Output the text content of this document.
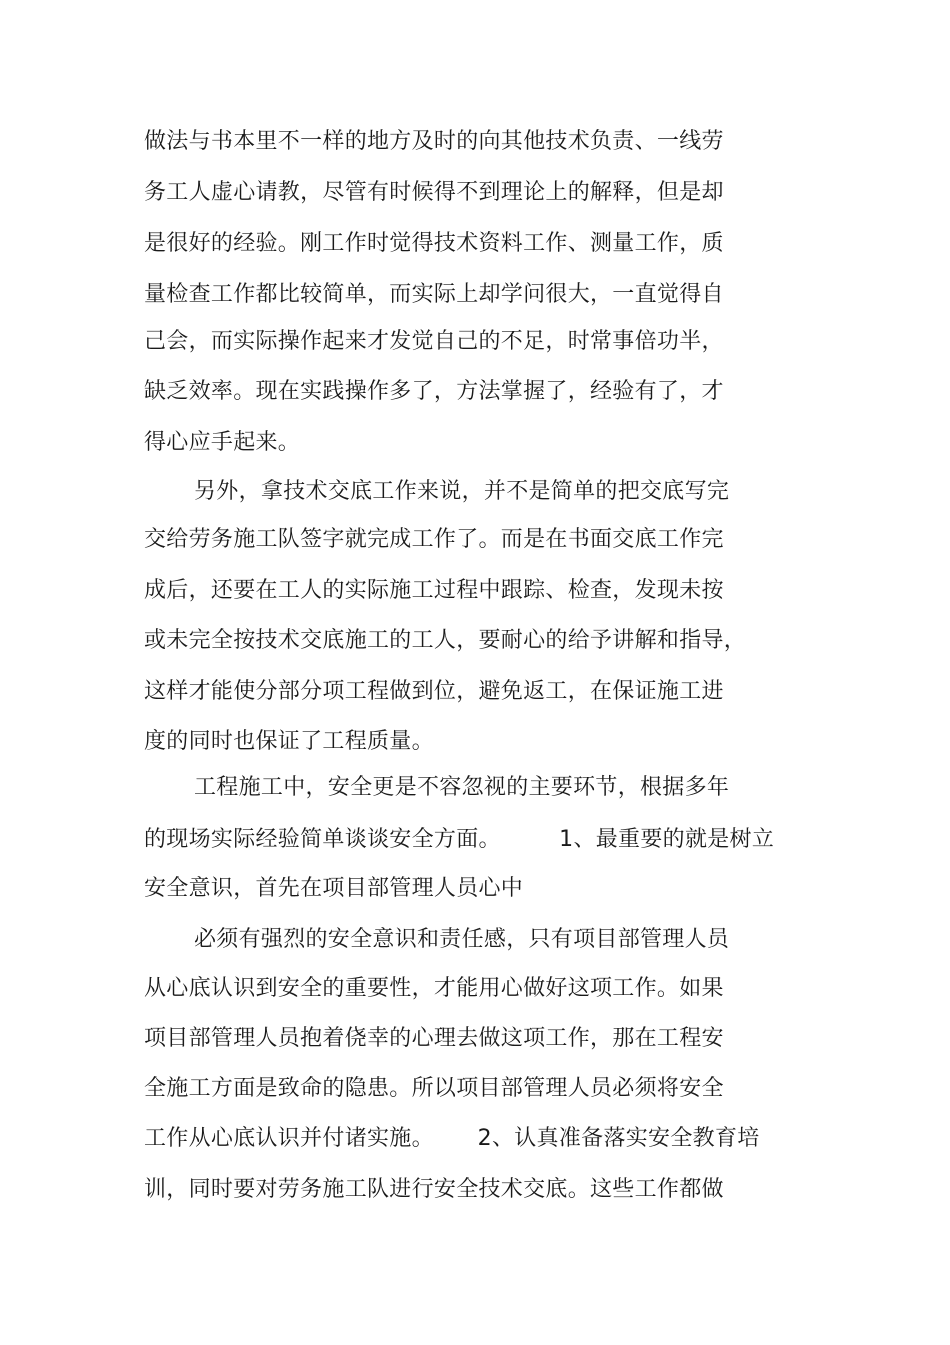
做法与书本里不一样的地方及时的向其他技术负责、一线劳

务工人虚心请教，尽管有时候得不到理论上的解释，但是却

是很好的经验。刚工作时觉得技术资料工作、测量工作，质

量检查工作都比较简单，而实际上却学问很大，一直觉得自

己会，而实际操作起来才发觉自己的不足，时常事倍功半，

缺乏效率。现在实践操作多了，方法掌握了，经验有了，才

得心应手起来。

另外，拿技术交底工作来说，并不是简单的把交底写完

交给劳务施工队签字就完成工作了。而是在书面交底工作完

成后，还要在工人的实际施工过程中跟踪、检查，发现未按

或未完全按技术交底施工的工人，要耐心的给予讲解和指导，

这样才能使分部分项工程做到位，避免返工，在保证施工进

度的同时也保证了工程质量。

工程施工中，安全更是不容忽视的主要环节，根据多年

的现场实际经验简单谈谈安全方面。        1、最重要的就是树立

安全意识，首先在项目部管理人员心中

必须有强烈的安全意识和责任感，只有项目部管理人员

从心底认识到安全的重要性，才能用心做好这项工作。如果

项目部管理人员抱着侥幸的心理去做这项工作，那在工程安

全施工方面是致命的隐患。所以项目部管理人员必须将安全

工作从心底认识并付诸实施。      2、认真准备落实安全教育培

训，同时要对劳务施工队进行安全技术交底。这些工作都做
